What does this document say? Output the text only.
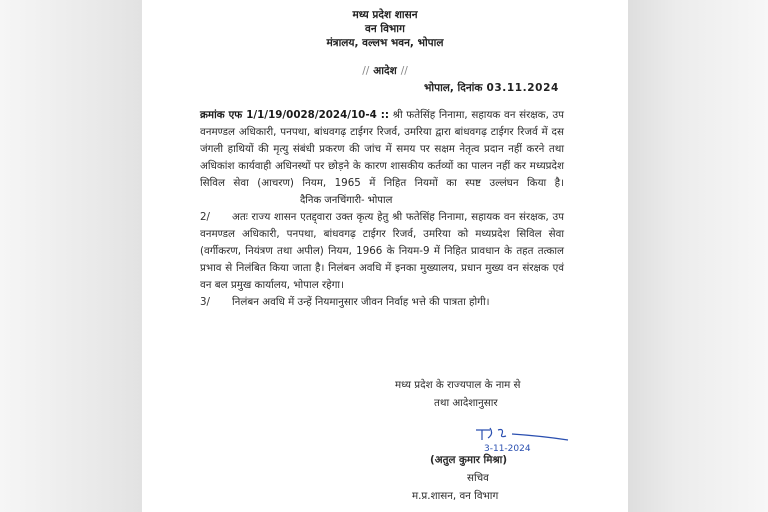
मध्य प्रदेश शासन
वन विभाग
मंत्रालय, वल्लभ भवन, भोपाल
// आदेश //
भोपाल, दिनांक 03.11.2024

क्रमांक एफ 1/1/19/0028/2024/10-4 :: श्री फतेसिंह निनामा, सहायक वन संरक्षक, उप वनमण्डल अधिकारी, पनपथा, बांधवगढ़ टाईगर रिजर्व, उमरिया द्वारा बांधवगढ़ टाईगर रिजर्व में दस जंगली हाथियों की मृत्यु संबंधी प्रकरण की जांच में समय पर सक्षम नेतृत्व प्रदान नहीं करने तथा अधिकांश कार्यवाही अधिनस्थों पर छोड़ने के कारण शासकीय कर्तव्यों का पालन नहीं कर मध्यप्रदेश सिविल सेवा (आचरण) नियम, 1965 में निहित नियमों का स्पष्ट उल्लंघन किया है। दैनिक जनचिंगारी- भोपाल

2/ अतः राज्य शासन एतद्द्वारा उक्त कृत्य हेतु श्री फतेसिंह निनामा, सहायक वन संरक्षक, उप वनमण्डल अधिकारी, पनपथा, बांधवगढ़ टाईगर रिजर्व, उमरिया को मध्यप्रदेश सिविल सेवा (वर्गीकरण, नियंत्रण तथा अपील) नियम, 1966 के नियम-9 में निहित प्रावधान के तहत तत्काल प्रभाव से निलंबित किया जाता है। निलंबन अवधि में इनका मुख्यालय, प्रधान मुख्य वन संरक्षक एवं वन बल प्रमुख कार्यालय, भोपाल रहेगा।

3/ निलंबन अवधि में उन्हें नियमानुसार जीवन निर्वाह भत्ते की पात्रता होगी।

मध्य प्रदेश के राज्यपाल के नाम से
तथा आदेशानुसार
3-11-2024
(अतुल कुमार मिश्रा)
सचिव
म.प्र.शासन, वन विभाग
